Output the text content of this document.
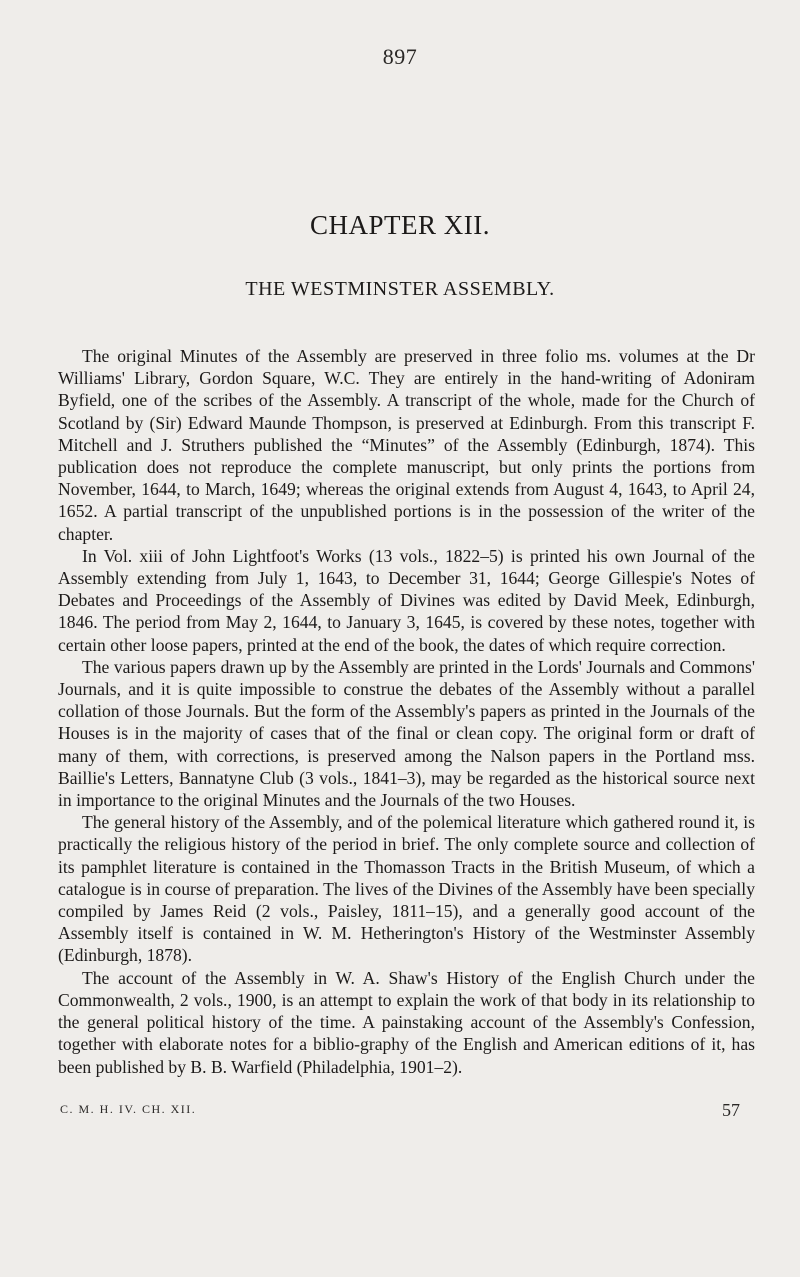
897
CHAPTER XII.
THE WESTMINSTER ASSEMBLY.

The original Minutes of the Assembly are preserved in three folio ms. volumes at the Dr Williams' Library, Gordon Square, W.C. They are entirely in the hand-writing of Adoniram Byfield, one of the scribes of the Assembly. A transcript of the whole, made for the Church of Scotland by (Sir) Edward Maunde Thompson, is preserved at Edinburgh. From this transcript F. Mitchell and J. Struthers published the “Minutes” of the Assembly (Edinburgh, 1874). This publication does not reproduce the complete manuscript, but only prints the portions from November, 1644, to March, 1649; whereas the original extends from August 4, 1643, to April 24, 1652. A partial transcript of the unpublished portions is in the possession of the writer of the chapter.

In Vol. xiii of John Lightfoot's Works (13 vols., 1822–5) is printed his own Journal of the Assembly extending from July 1, 1643, to December 31, 1644; George Gillespie's Notes of Debates and Proceedings of the Assembly of Divines was edited by David Meek, Edinburgh, 1846. The period from May 2, 1644, to January 3, 1645, is covered by these notes, together with certain other loose papers, printed at the end of the book, the dates of which require correction.

The various papers drawn up by the Assembly are printed in the Lords' Journals and Commons' Journals, and it is quite impossible to construe the debates of the Assembly without a parallel collation of those Journals. But the form of the Assembly's papers as printed in the Journals of the Houses is in the majority of cases that of the final or clean copy. The original form or draft of many of them, with corrections, is preserved among the Nalson papers in the Portland mss. Baillie's Letters, Bannatyne Club (3 vols., 1841–3), may be regarded as the historical source next in importance to the original Minutes and the Journals of the two Houses.

The general history of the Assembly, and of the polemical literature which gathered round it, is practically the religious history of the period in brief. The only complete source and collection of its pamphlet literature is contained in the Thomasson Tracts in the British Museum, of which a catalogue is in course of preparation. The lives of the Divines of the Assembly have been specially compiled by James Reid (2 vols., Paisley, 1811–15), and a generally good account of the Assembly itself is contained in W. M. Hetherington's History of the Westminster Assembly (Edinburgh, 1878).

The account of the Assembly in W. A. Shaw's History of the English Church under the Commonwealth, 2 vols., 1900, is an attempt to explain the work of that body in its relationship to the general political history of the time. A painstaking account of the Assembly's Confession, together with elaborate notes for a biblio-graphy of the English and American editions of it, has been published by B. B. Warfield (Philadelphia, 1901–2).

C. M. H. IV. CH. XII.	57
